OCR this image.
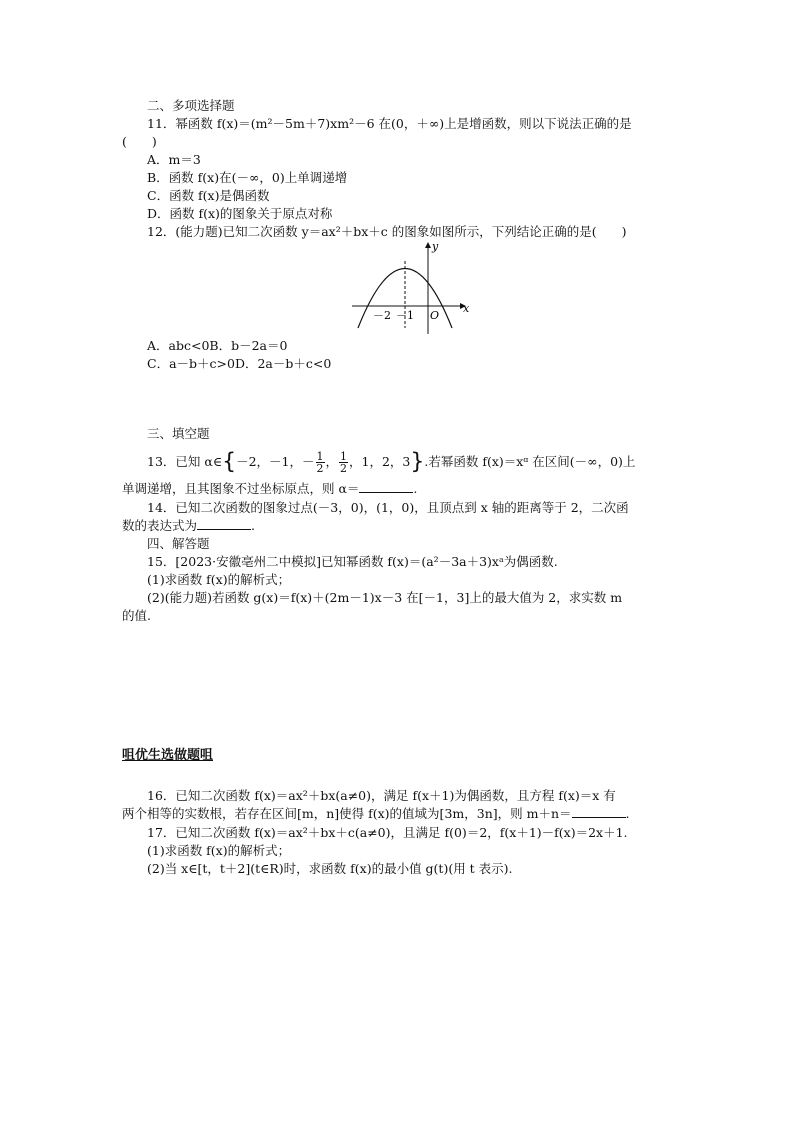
二、多项选择题
11．幂函数 f(x)＝(m²－5m＋7)xm²－6 在(0，＋∞)上是增函数，则以下说法正确的是
(　　)
A．m＝3
B．函数 f(x)在(－∞，0)上单调递增
C．函数 f(x)是偶函数
D．函数 f(x)的图象关于原点对称
12．(能力题)已知二次函数 y＝ax²＋bx＋c 的图象如图所示，下列结论正确的是(　　)
x
y
－2 －1 O
A．abc<0B．b－2a＝0
C．a－b＋c>0D．2a－b＋c<0
三、填空题
13．已知 α∈{－2，－1，－ $\frac{1}{2}$ ， $\frac{1}{2}$ ，1，2，3}.若幂函数 f(x)＝xᵅ 在区间(－∞，0)上
单调递增，且其图象不过坐标原点，则 α＝	.
14．已知二次函数的图象过点(－3，0)，(1，0)，且顶点到 x 轴的距离等于 2，二次函
数的表达式为	.
四、解答题
15．[2023·安徽亳州二中模拟]已知幂函数 f(x)＝(a²－3a＋3)xᵃ为偶函数.
(1)求函数 f(x)的解析式；
(2)(能力题)若函数 g(x)＝f(x)＋(2m－1)x－3 在[－1，3]上的最大值为 2，求实数 m
的值.
咀优生选做题咀
16．已知二次函数 f(x)＝ax²＋bx(a≠0)，满足 f(x＋1)为偶函数，且方程 f(x)＝x 有
两个相等的实数根，若存在区间[m，n]使得 f(x)的值域为[3m，3n]，则 m＋n＝	.
17．已知二次函数 f(x)＝ax²＋bx＋c(a≠0)，且满足 f(0)＝2，f(x＋1)－f(x)＝2x＋1.
(1)求函数 f(x)的解析式；
(2)当 x∈[t，t＋2](t∈R)时，求函数 f(x)的最小值 g(t)(用 t 表示).
